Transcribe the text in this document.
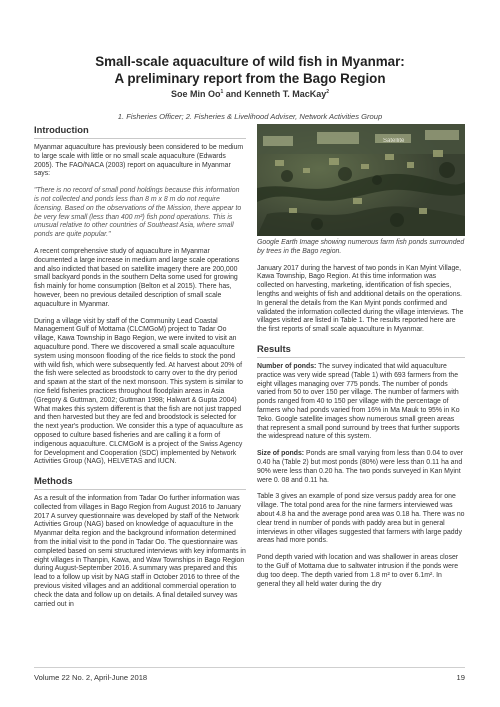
Small-scale aquaculture of wild fish in Myanmar:
A preliminary report from the Bago Region
Soe Min Oo$^1$ and Kenneth T. MacKay$^2$
1. Fisheries Officer; 2. Fisheries & Livelihood Adviser, Network Activities Group
Introduction

Myanmar aquaculture has previously been considered to be medium to large scale with little or no small scale aquaculture (Edwards 2005). The FAO/NACA (2003) report on aquaculture in Myanmar says:

"There is no record of small pond holdings because this information is not collected and ponds less than 8 m x 8 m do not require licensing. Based on the observations of the Mission, there appear to be very few small (less than 400 m²) fish pond operations. This is unusual relative to other countries of Southeast Asia, where small ponds are quite popular."

A recent comprehensive study of aquaculture in Myanmar documented a large increase in medium and large scale operations and also indicted that based on satellite imagery there are 200,000 small backyard ponds in the southern Delta some used for growing fish mainly for home consumption (Belton et al 2015). There has, however, been no previous detailed description of small scale aquaculture in Myanmar.

During a village visit by staff of the Community Lead Coastal Management Gulf of Mottama (CLCMGoM) project to Tadar Oo village, Kawa Township in Bago Region, we were invited to visit an aquaculture pond. There we discovered a small scale aquaculture system using monsoon flooding of the rice fields to stock the pond with wild fish, which were subsequently fed. At harvest about 20% of the fish were selected as broodstock to carry over to the dry period and spawn at the start of the next monsoon. This system is similar to rice field fisheries practices throughout floodplain areas in Asia (Gregory & Guttman, 2002; Guttman 1998; Halwart & Gupta 2004) What makes this system different is that the fish are not just trapped and then harvested but they are fed and broodstock is selected for the next year's production. We consider this a type of aquaculture as opposed to culture based fisheries and are calling it a form of indigenous aquaculture. CLCMGoM is a project of the Swiss Agency for Development and Cooperation (SDC) implemented by Network Activities Group (NAG), HELVETAS and IUCN.

Methods

As a result of the information from Tadar Oo further information was collected from villages in Bago Region from August 2016 to January 2017 A survey questionnaire was developed by staff of the Network Activities Group (NAG) based on knowledge of aquaculture in the Myanmar delta region and the background information determined from the initial visit to the pond in Tadar Oo. The questionnaire was completed based on semi structured interviews with key informants in eight villages in Thanpin, Kawa, and Waw Townships in Bago Region during August-September 2016. A summary was prepared and this lead to a follow up visit by NAG staff in October 2016 to three of the previous visited villages and an additional commercial operation to check the data and follow up on details. A final detailed survey was carried out in

Satellite

Google Earth Image showing numerous farm fish ponds surrounded by trees in the Bago region.

January 2017 during the harvest of two ponds in Kan Myint Village, Kawa Township, Bago Region. At this time information was collected on harvesting, marketing, identification of fish species, lengths and weights of fish and additional details on the operations. In general the details from the Kan Myint ponds confirmed and validated the information collected during the village interviews. The villages visited are listed in Table 1. The results reported here are the first reports of small scale aquaculture in Myanmar.

Results

Number of ponds: The survey indicated that wild aquaculture practice was very wide spread (Table 1) with 693 farmers from the eight villages managing over 775 ponds. The number of ponds varied from 50 to over 150 per village. The number of farmers with ponds ranged from 40 to 150 per village with the percentage of farmers who had ponds varied from 16% in Ma Mauk to 95% in Ko Teko. Google satellite images show numerous small green areas that represent a small pond surround by trees that further supports the widespread nature of this system.

Size of ponds: Ponds are small varying from less than 0.04 to over 0.40 ha (Table 2) but most ponds (80%) were less than 0.11 ha and 90% were less than 0.20 ha. The two ponds surveyed in Kan Myint were 0. 08 and 0.11 ha.

Table 3 gives an example of pond size versus paddy area for one village. The total pond area for the nine farmers interviewed was about 4.8 ha and the average pond area was 0.18 ha. There was no clear trend in number of ponds with paddy area but in general interviews in other villages suggested that farmers with large paddy areas had more ponds.

Pond depth varied with location and was shallower in areas closer to the Gulf of Mottama due to saltwater intrusion if the ponds were dug too deep. The depth varied from 1.8 m² to over 6.1m². In general they all held water during the dry

Volume 22 No. 2, April-June 2018	19
